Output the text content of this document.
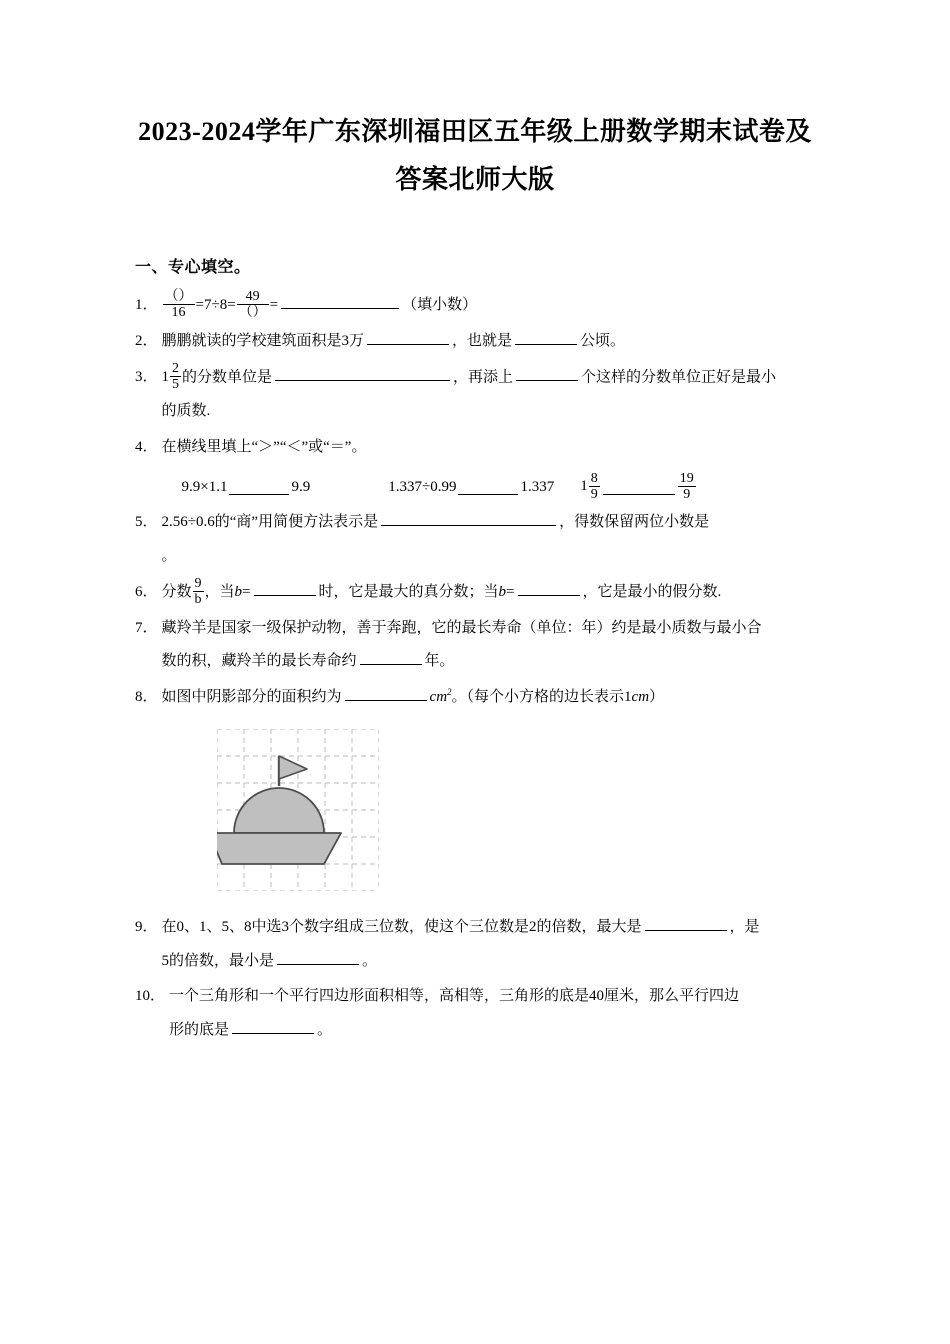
2023-2024学年广东深圳福田区五年级上册数学期末试卷及
答案北师大版
一、专心填空。
1． $\frac{()}{16} =7\div 8= \frac{49}{()}$ =	（填小数）

2． 鹏鹏就读的学校建筑面积是3万	，也就是	公顷。

3． $1 \frac{2}{5}$ 的分数单位是	，再添上	个这样的分数单位正好是最小

的质数.

4． 在横线里填上“＞”“＜”或“＝”。

9.9×1.1	9.9	1.337÷0.99	1.337 $1 \frac{8}{9}$	$\frac{19}{9}$
5． 2.56÷0.6的“商”用简便方法表示是	，得数保留两位小数是

。

6． 分数 $\frac{9}{b}$ ，当b=	时，它是最大的真分数；当b=	，它是最小的假分数.

7． 藏羚羊是国家一级保护动物，善于奔跑，它的最长寿命（单位：年）约是最小质数与最小合

数的积，藏羚羊的最长寿命约	年。

8． 如图中阴影部分的面积约为	$cm^2$。（每个小方格的边长表示1cm）

9． 在0、1、5、8中选3个数字组成三位数，使这个三位数是2的倍数，最大是	，是

5的倍数，最小是	。

10． 一个三角形和一个平行四边形面积相等，高相等，三角形的底是40厘米，那么平行四边

形的底是	。
